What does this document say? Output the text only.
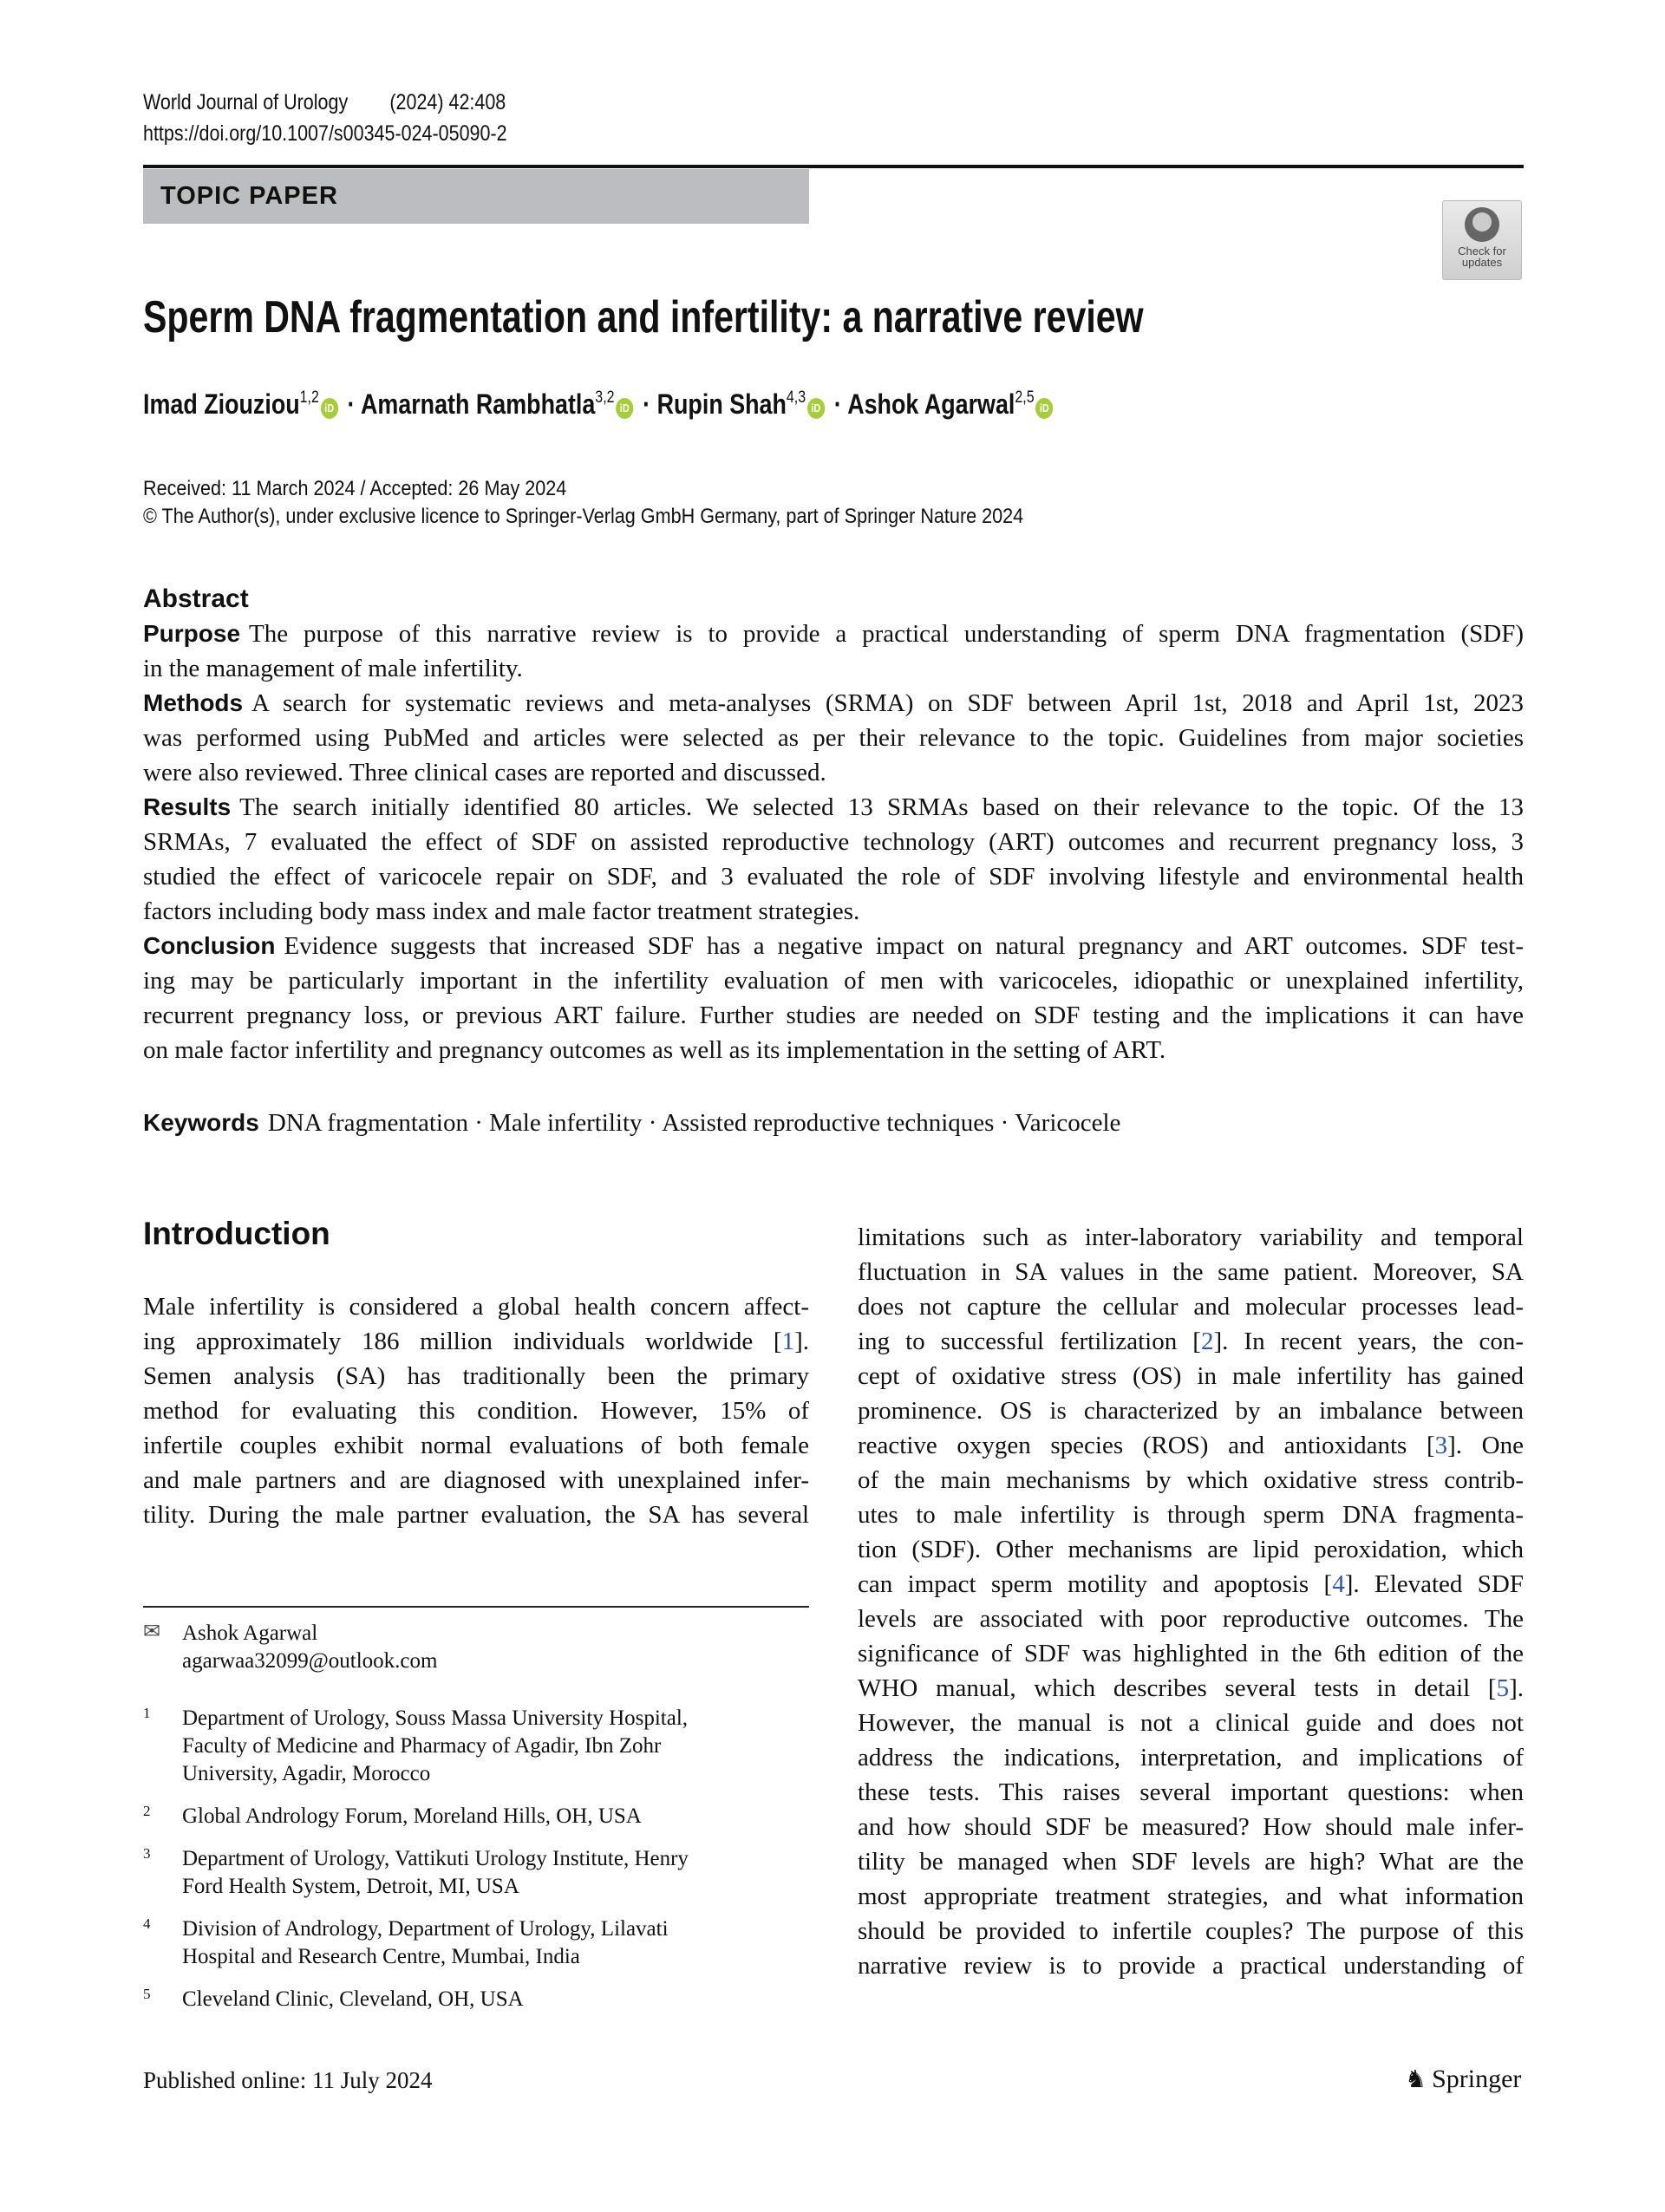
World Journal of Urology (2024) 42:408
https://doi.org/10.1007/s00345-024-05090-2
TOPIC PAPER
Check for
updates
Sperm DNA fragmentation and infertility: a narrative review
Imad Ziouziou$^{1,2}$iD · Amarnath Rambhatla$^{3,2}$iD · Rupin Shah$^{4,3}$iD · Ashok Agarwal$^{2,5}$iD
Received: 11 March 2024 / Accepted: 26 May 2024
© The Author(s), under exclusive licence to Springer-Verlag GmbH Germany, part of Springer Nature 2024
Abstract
Purpose The purpose of this narrative review is to provide a practical understanding of sperm DNA fragmentation (SDF)
in the management of male infertility.
Methods A search for systematic reviews and meta-analyses (SRMA) on SDF between April 1st, 2018 and April 1st, 2023
was performed using PubMed and articles were selected as per their relevance to the topic. Guidelines from major societies
were also reviewed. Three clinical cases are reported and discussed.
Results The search initially identified 80 articles. We selected 13 SRMAs based on their relevance to the topic. Of the 13
SRMAs, 7 evaluated the effect of SDF on assisted reproductive technology (ART) outcomes and recurrent pregnancy loss, 3
studied the effect of varicocele repair on SDF, and 3 evaluated the role of SDF involving lifestyle and environmental health
factors including body mass index and male factor treatment strategies.
Conclusion Evidence suggests that increased SDF has a negative impact on natural pregnancy and ART outcomes. SDF test-
ing may be particularly important in the infertility evaluation of men with varicoceles, idiopathic or unexplained infertility,
recurrent pregnancy loss, or previous ART failure. Further studies are needed on SDF testing and the implications it can have
on male factor infertility and pregnancy outcomes as well as its implementation in the setting of ART.
Keywords DNA fragmentation · Male infertility · Assisted reproductive techniques · Varicocele
Introduction
Male infertility is considered a global health concern affect-
ing approximately 186 million individuals worldwide [1].
Semen analysis (SA) has traditionally been the primary
method for evaluating this condition. However, 15% of
infertile couples exhibit normal evaluations of both female
and male partners and are diagnosed with unexplained infer-
tility. During the male partner evaluation, the SA has several
limitations such as inter-laboratory variability and temporal
fluctuation in SA values in the same patient. Moreover, SA
does not capture the cellular and molecular processes lead-
ing to successful fertilization [2]. In recent years, the con-
cept of oxidative stress (OS) in male infertility has gained
prominence. OS is characterized by an imbalance between
reactive oxygen species (ROS) and antioxidants [3]. One
of the main mechanisms by which oxidative stress contrib-
utes to male infertility is through sperm DNA fragmenta-
tion (SDF). Other mechanisms are lipid peroxidation, which
can impact sperm motility and apoptosis [4]. Elevated SDF
levels are associated with poor reproductive outcomes. The
significance of SDF was highlighted in the 6th edition of the
WHO manual, which describes several tests in detail [5].
However, the manual is not a clinical guide and does not
address the indications, interpretation, and implications of
these tests. This raises several important questions: when
and how should SDF be measured? How should male infer-
tility be managed when SDF levels are high? What are the
most appropriate treatment strategies, and what information
should be provided to infertile couples? The purpose of this
narrative review is to provide a practical understanding of
✉ Ashok Agarwal
agarwaa32099@outlook.com
1 Department of Urology, Souss Massa University Hospital,
Faculty of Medicine and Pharmacy of Agadir, Ibn Zohr
University, Agadir, Morocco
2 Global Andrology Forum, Moreland Hills, OH, USA
3 Department of Urology, Vattikuti Urology Institute, Henry
Ford Health System, Detroit, MI, USA
4 Division of Andrology, Department of Urology, Lilavati
Hospital and Research Centre, Mumbai, India
5 Cleveland Clinic, Cleveland, OH, USA
Published online: 11 July 2024	♞ Springer
